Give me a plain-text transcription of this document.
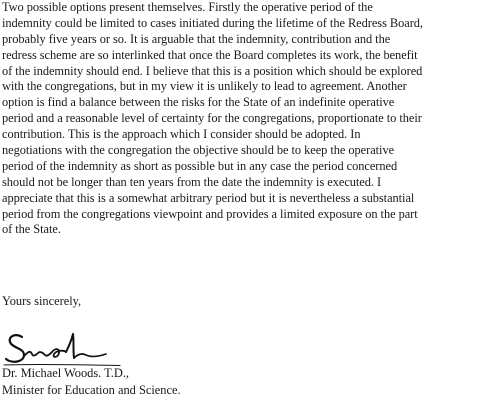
Two possible options present themselves. Firstly the operative period of the
indemnity could be limited to cases initiated during the lifetime of the Redress Board,
probably five years or so. It is arguable that the indemnity, contribution and the
redress scheme are so interlinked that once the Board completes its work, the benefit
of the indemnity should end. I believe that this is a position which should be explored
with the congregations, but in my view it is unlikely to lead to agreement. Another
option is find a balance between the risks for the State of an indefinite operative
period and a reasonable level of certainty for the congregations, proportionate to their
contribution. This is the approach which I consider should be adopted. In
negotiations with the congregation the objective should be to keep the operative
period of the indemnity as short as possible but in any case the period concerned
should not be longer than ten years from the date the indemnity is executed. I
appreciate that this is a somewhat arbitrary period but it is nevertheless a substantial
period from the congregations viewpoint and provides a limited exposure on the part
of the State.
Yours sincerely,
Dr. Michael Woods. T.D.,
Minister for Education and Science.
